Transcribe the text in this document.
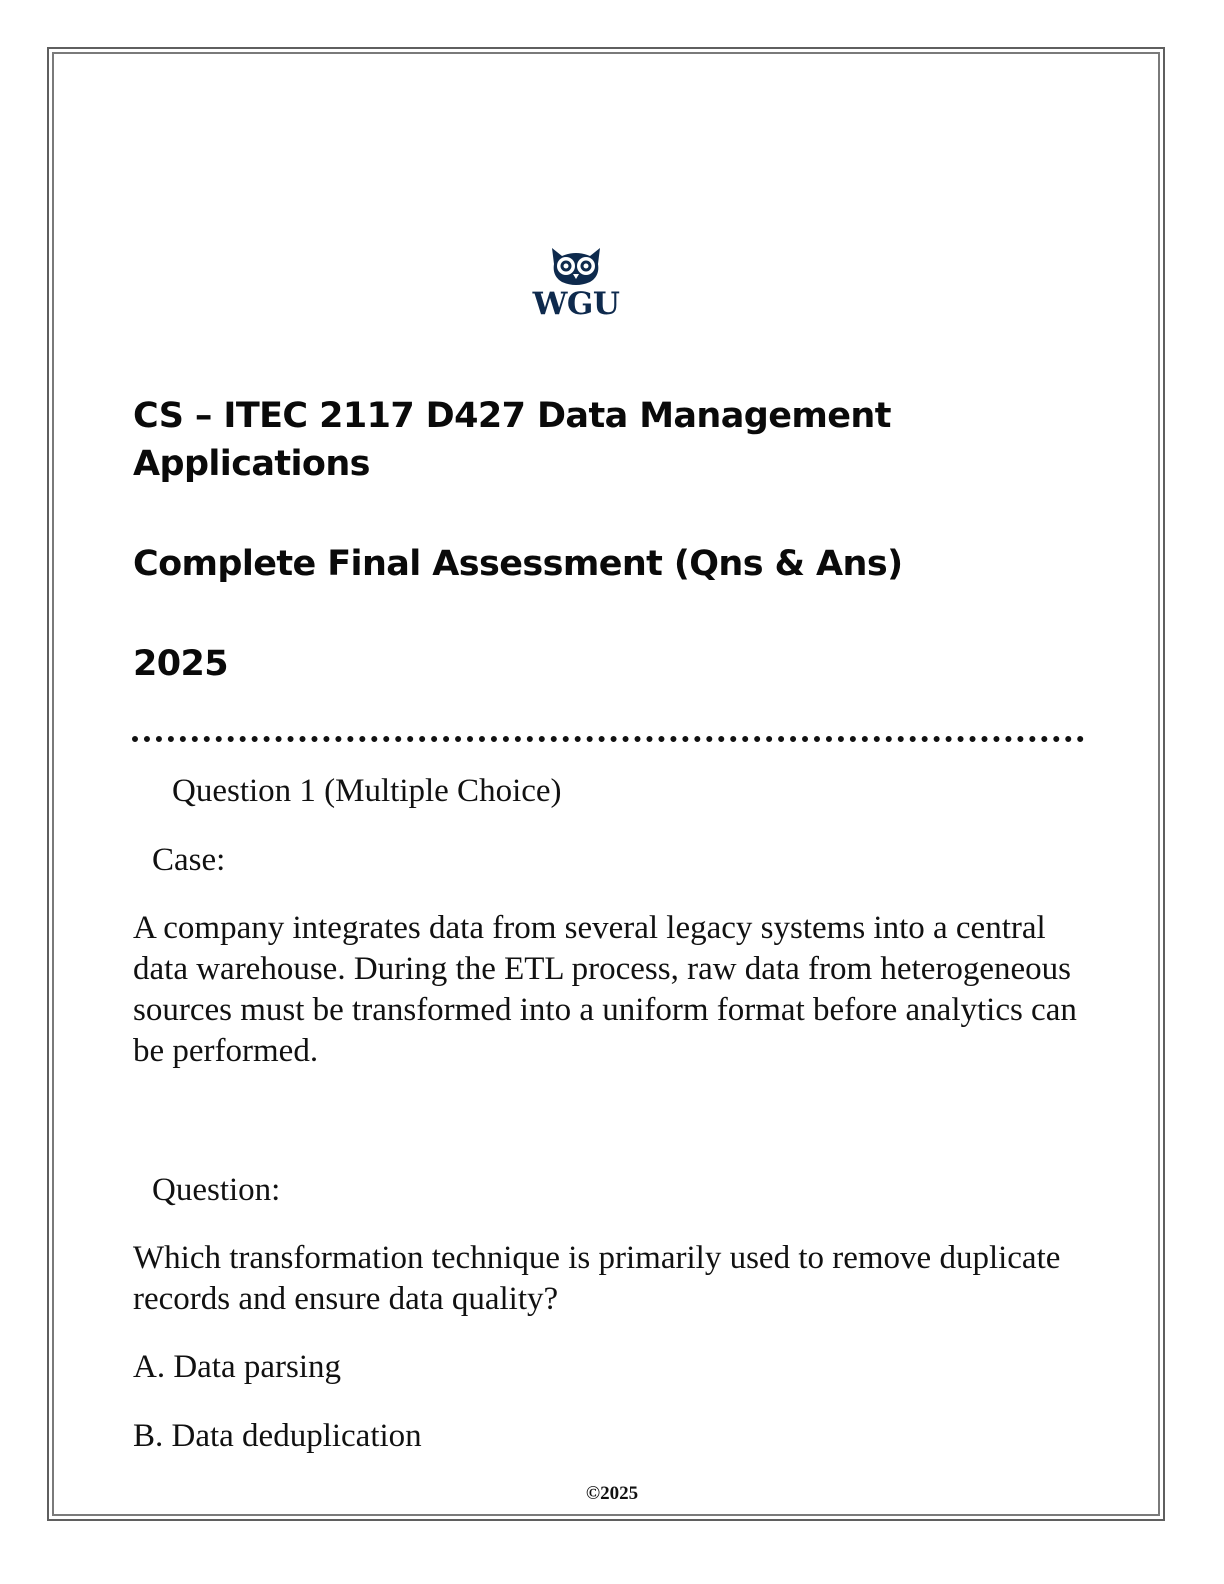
WGU
CS – ITEC 2117 D427 Data Management Applications
Complete Final Assessment (Qns & Ans)
2025
Question 1 (Multiple Choice)
Case:
A company integrates data from several legacy systems into a central data warehouse. During the ETL process, raw data from heterogeneous sources must be transformed into a uniform format before analytics can be performed.
Question:
Which transformation technique is primarily used to remove duplicate records and ensure data quality?
A. Data parsing
B. Data deduplication
©2025
